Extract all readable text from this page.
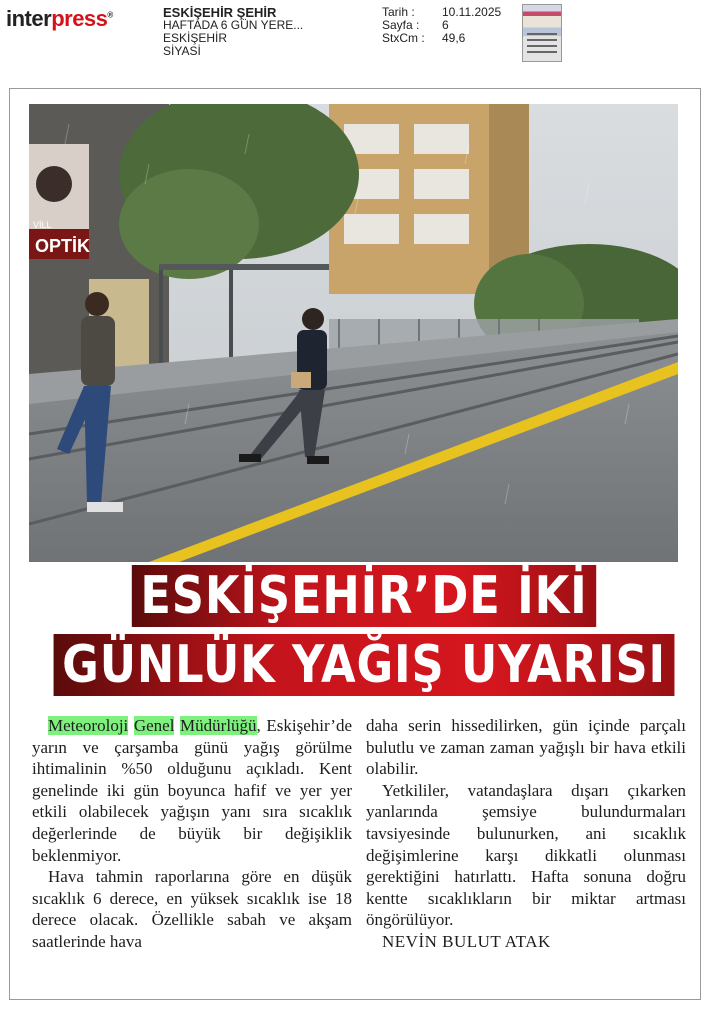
interpress®	ESKİŞEHİR ŞEHİR
HAFTADA 6 GÜN YERE...
ESKİŞEHİR
SİYASİ
Tarih :	10.11.2025
Sayfa :	6
StxCm :	49,6
OPTİK
VİLL
ESKİŞEHİR’DE İKİ
GÜNLÜK YAĞIŞ UYARISI

Meteoroloji Genel Müdürlüğü, Eskişehir’de yarın ve çarşamba günü yağış görülme ihtimalinin %50 olduğunu açıkladı. Kent genelinde iki gün boyunca hafif ve yer yer etkili olabilecek yağışın yanı sıra sıcaklık değerlerinde de büyük bir değişiklik beklenmiyor.

Hava tahmin raporlarına göre en düşük sıcaklık 6 derece, en yüksek sıcaklık ise 18 derece olacak. Özellikle sabah ve akşam saatlerinde hava

daha serin hissedilirken, gün içinde parçalı bulutlu ve zaman zaman yağışlı bir hava etkili olabilir.

Yetkililer, vatandaşlara dışarı çıkarken yanlarında şemsiye bulundurmaları tavsiyesinde bulunurken, ani sıcaklık değişimlerine karşı dikkatli olunması gerektiğini hatırlattı. Hafta sonuna doğru kentte sıcaklıkların bir miktar artması öngörülüyor.

NEVİN BULUT ATAK
